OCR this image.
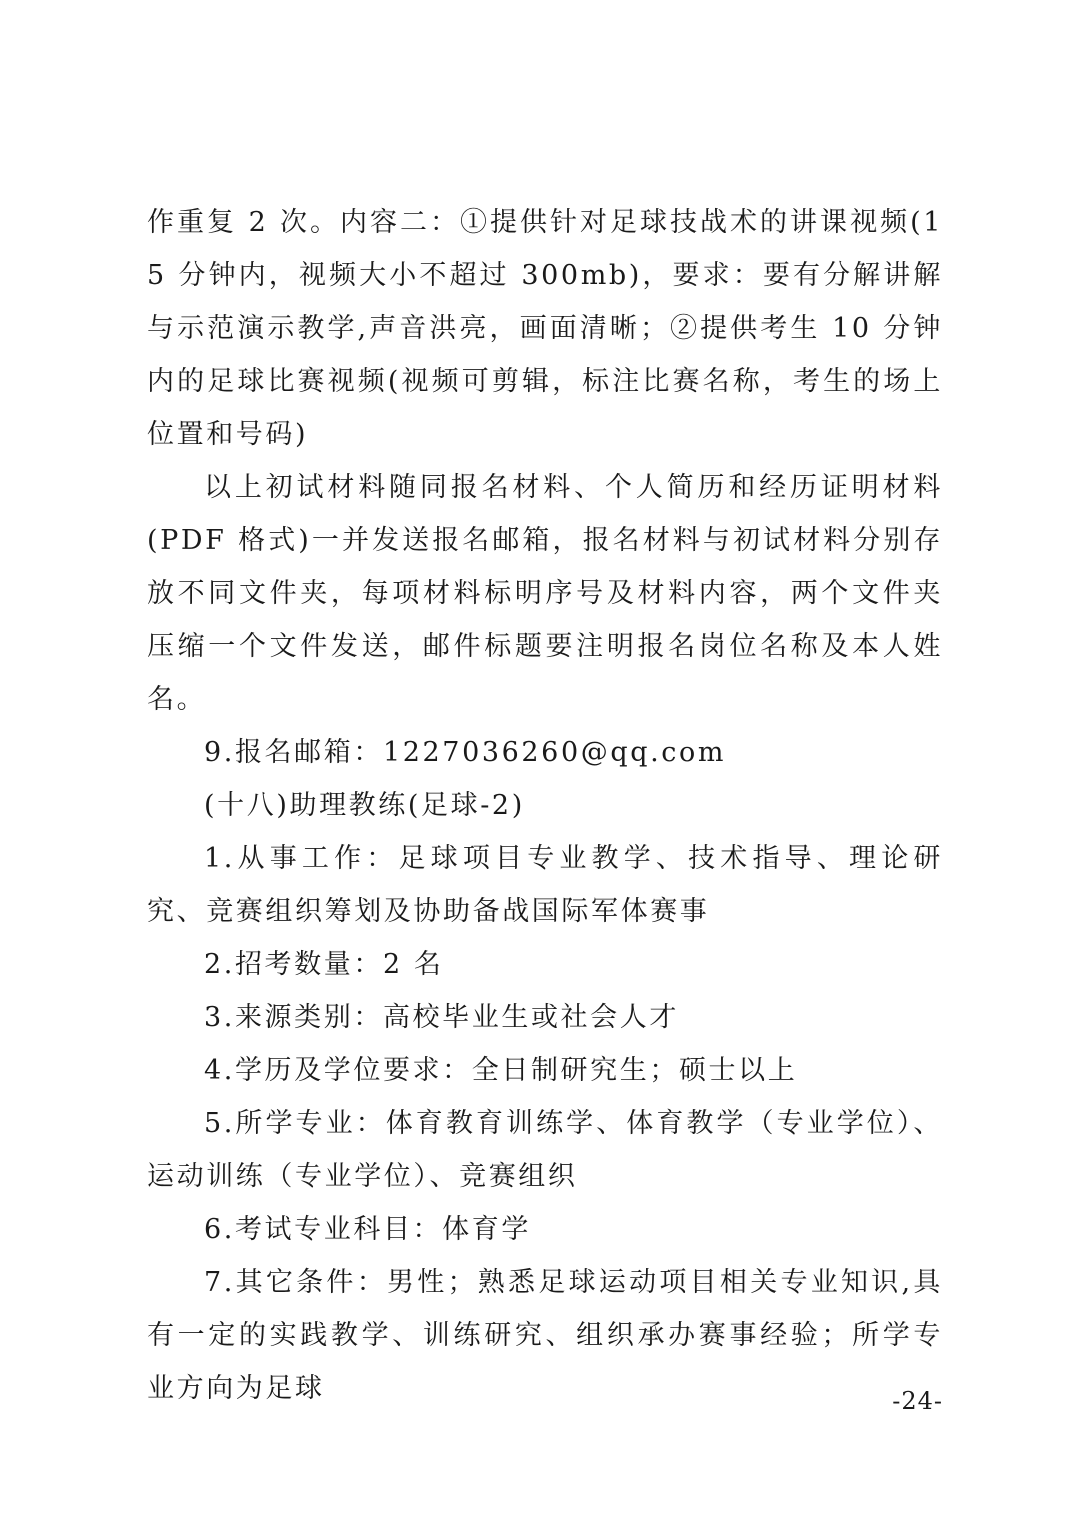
作重复 2 次。内容二：①提供针对足球技战术的讲课视频(15 分钟内，视频大小不超过 300mb)，要求：要有分解讲解与示范演示教学,声音洪亮，画面清晰；②提供考生 10 分钟内的足球比赛视频(视频可剪辑，标注比赛名称，考生的场上位置和号码)

以上初试材料随同报名材料、个人简历和经历证明材料(PDF 格式)一并发送报名邮箱，报名材料与初试材料分别存放不同文件夹，每项材料标明序号及材料内容，两个文件夹压缩一个文件发送，邮件标题要注明报名岗位名称及本人姓名。

9.报名邮箱：1227036260@qq.com

(十八)助理教练(足球-2)

1.从事工作：足球项目专业教学、技术指导、理论研究、竞赛组织筹划及协助备战国际军体赛事

2.招考数量：2 名

3.来源类别：高校毕业生或社会人才

4.学历及学位要求：全日制研究生；硕士以上

5.所学专业：体育教育训练学、体育教学（专业学位）、运动训练（专业学位）、竞赛组织

6.考试专业科目：体育学

7.其它条件：男性；熟悉足球运动项目相关专业知识,具有一定的实践教学、训练研究、组织承办赛事经验；所学专业方向为足球	-24-
